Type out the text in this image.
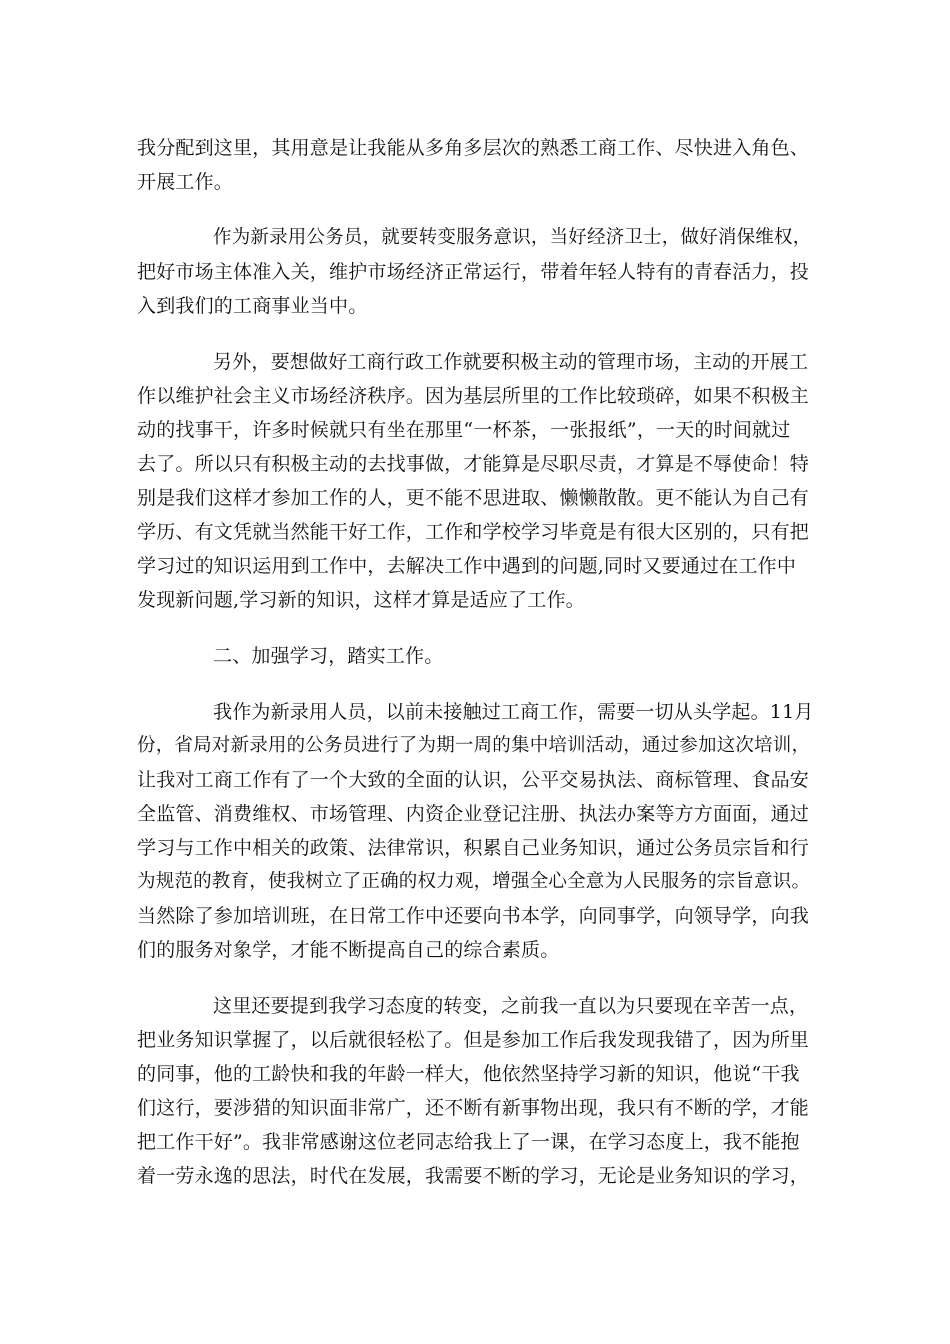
我分配到这里，其用意是让我能从多角多层次的熟悉工商工作、尽快进入角色、

开展工作。

作为新录用公务员，就要转变服务意识，当好经济卫士，做好消保维权，

把好市场主体准入关，维护市场经济正常运行，带着年轻人特有的青春活力，投

入到我们的工商事业当中。

另外，要想做好工商行政工作就要积极主动的管理市场，主动的开展工

作以维护社会主义市场经济秩序。因为基层所里的工作比较琐碎，如果不积极主

动的找事干，许多时候就只有坐在那里“一杯茶，一张报纸”，一天的时间就过

去了。所以只有积极主动的去找事做，才能算是尽职尽责，才算是不辱使命！特

别是我们这样才参加工作的人，更不能不思进取、懒懒散散。更不能认为自己有

学历、有文凭就当然能干好工作，工作和学校学习毕竟是有很大区别的，只有把

学习过的知识运用到工作中，去解决工作中遇到的问题,同时又要通过在工作中

发现新问题,学习新的知识，这样才算是适应了工作。

二、加强学习，踏实工作。

我作为新录用人员，以前未接触过工商工作，需要一切从头学起。11月

份，省局对新录用的公务员进行了为期一周的集中培训活动，通过参加这次培训，

让我对工商工作有了一个大致的全面的认识，公平交易执法、商标管理、食品安

全监管、消费维权、市场管理、内资企业登记注册、执法办案等方方面面，通过

学习与工作中相关的政策、法律常识，积累自己业务知识，通过公务员宗旨和行

为规范的教育，使我树立了正确的权力观，增强全心全意为人民服务的宗旨意识。

当然除了参加培训班，在日常工作中还要向书本学，向同事学，向领导学，向我

们的服务对象学，才能不断提高自己的综合素质。

这里还要提到我学习态度的转变，之前我一直以为只要现在辛苦一点，

把业务知识掌握了，以后就很轻松了。但是参加工作后我发现我错了，因为所里

的同事，他的工龄快和我的年龄一样大，他依然坚持学习新的知识，他说“干我

们这行，要涉猎的知识面非常广，还不断有新事物出现，我只有不断的学，才能

把工作干好”。我非常感谢这位老同志给我上了一课，在学习态度上，我不能抱

着一劳永逸的思法，时代在发展，我需要不断的学习，无论是业务知识的学习，
